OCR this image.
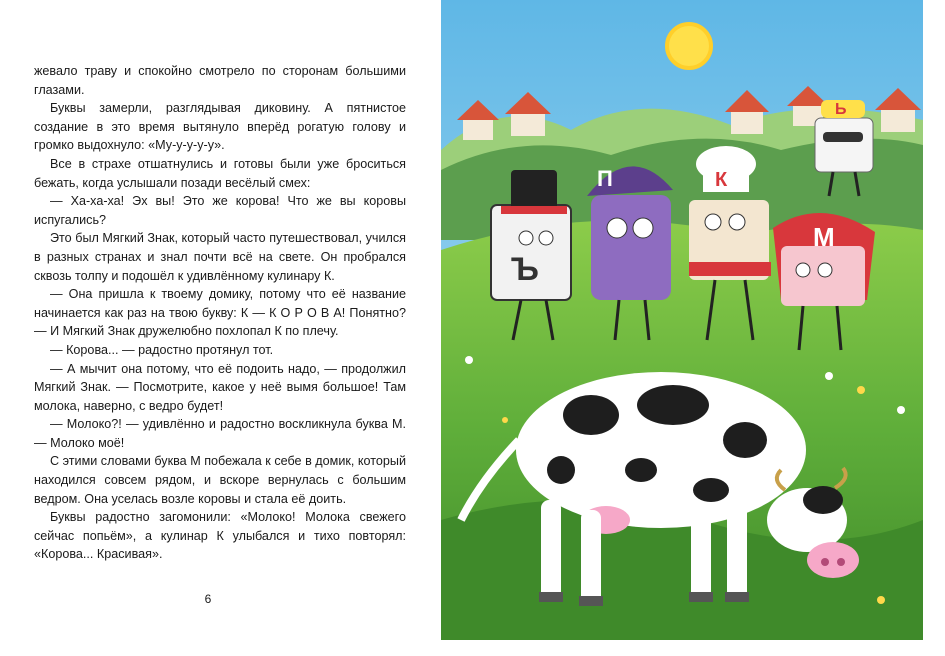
жевало траву и спокойно смотрело по сторонам большими глазами.

Буквы замерли, разглядывая диковину. А пятнистое создание в это время вытянуло вперёд рогатую голову и громко выдохнуло: «Му-у-у-у-у».

Все в страхе отшатнулись и готовы были уже броситься бежать, когда услышали позади весёлый смех:

— Ха-ха-ха! Эх вы! Это же корова! Что же вы коровы испугались?

Это был Мягкий Знак, который часто путешествовал, учился в разных странах и знал почти всё на свете. Он пробрался сквозь толпу и подошёл к удивлённому кулинару К.

— Она пришла к твоему домику, потому что её название начинается как раз на твою букву: К — К О Р О В А! Понятно? — И Мягкий Знак дружелюбно похлопал К по плечу.

— Корова... — радостно протянул тот.

— А мычит она потому, что её подоить надо, — продолжил Мягкий Знак. — Посмотрите, какое у неё вымя большое! Там молока, наверно, с ведро будет!

— Молоко?! — удивлённо и радостно воскликнула буква М. — Молоко моё!

С этими словами буква М побежала к себе в домик, который находился совсем рядом, и вскоре вернулась с большим ведром. Она уселась возле коровы и стала её доить.

Буквы радостно загомонили: «Молоко! Молока свежего сейчас попьём», а кулинар К улыбался и тихо повторял: «Корова... Красивая».

6
Ъ
П	К
М
Ь
